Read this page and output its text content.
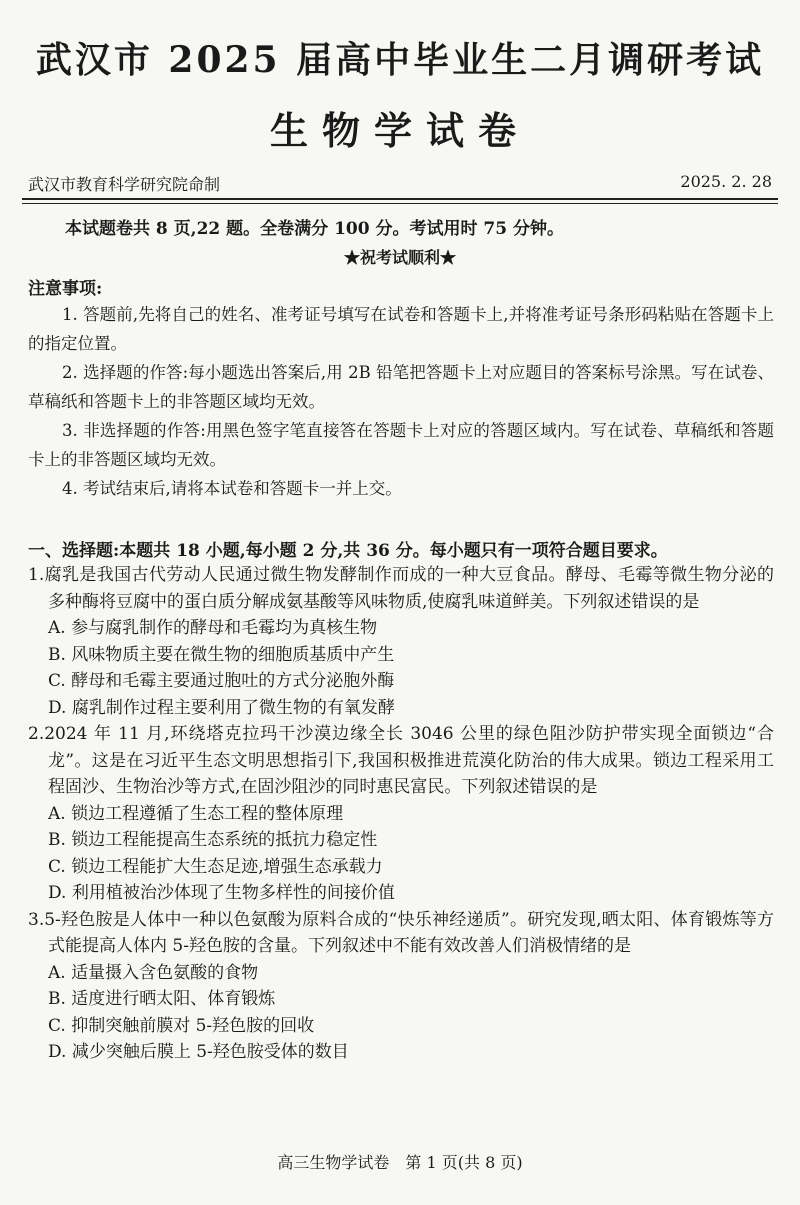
武汉市 2025 届高中毕业生二月调研考试
生物学试卷
武汉市教育科学研究院命制	2025. 2. 28
本试题卷共 8 页,22 题。全卷满分 100 分。考试用时 75 分钟。
★祝考试顺利★
注意事项:

1. 答题前,先将自己的姓名、准考证号填写在试卷和答题卡上,并将准考证号条形码粘贴在答题卡上的指定位置。

2. 选择题的作答:每小题选出答案后,用 2B 铅笔把答题卡上对应题目的答案标号涂黑。写在试卷、草稿纸和答题卡上的非答题区域均无效。

3. 非选择题的作答:用黑色签字笔直接答在答题卡上对应的答题区域内。写在试卷、草稿纸和答题卡上的非答题区域均无效。

4. 考试结束后,请将本试卷和答题卡一并上交。

一、选择题:本题共 18 小题,每小题 2 分,共 36 分。每小题只有一项符合题目要求。
1.腐乳是我国古代劳动人民通过微生物发酵制作而成的一种大豆食品。酵母、毛霉等微生物分泌的多种酶将豆腐中的蛋白质分解成氨基酸等风味物质,使腐乳味道鲜美。下列叙述错误的是
A. 参与腐乳制作的酵母和毛霉均为真核生物
B. 风味物质主要在微生物的细胞质基质中产生
C. 酵母和毛霉主要通过胞吐的方式分泌胞外酶
D. 腐乳制作过程主要利用了微生物的有氧发酵
2.2024 年 11 月,环绕塔克拉玛干沙漠边缘全长 3046 公里的绿色阻沙防护带实现全面锁边“合龙”。这是在习近平生态文明思想指引下,我国积极推进荒漠化防治的伟大成果。锁边工程采用工程固沙、生物治沙等方式,在固沙阻沙的同时惠民富民。下列叙述错误的是
A. 锁边工程遵循了生态工程的整体原理
B. 锁边工程能提高生态系统的抵抗力稳定性
C. 锁边工程能扩大生态足迹,增强生态承载力
D. 利用植被治沙体现了生物多样性的间接价值
3.5-羟色胺是人体中一种以色氨酸为原料合成的“快乐神经递质”。研究发现,晒太阳、体育锻炼等方式能提高人体内 5-羟色胺的含量。下列叙述中不能有效改善人们消极情绪的是
A. 适量摄入含色氨酸的食物
B. 适度进行晒太阳、体育锻炼
C. 抑制突触前膜对 5-羟色胺的回收
D. 减少突触后膜上 5-羟色胺受体的数目
高三生物学试卷　第 1 页(共 8 页)
